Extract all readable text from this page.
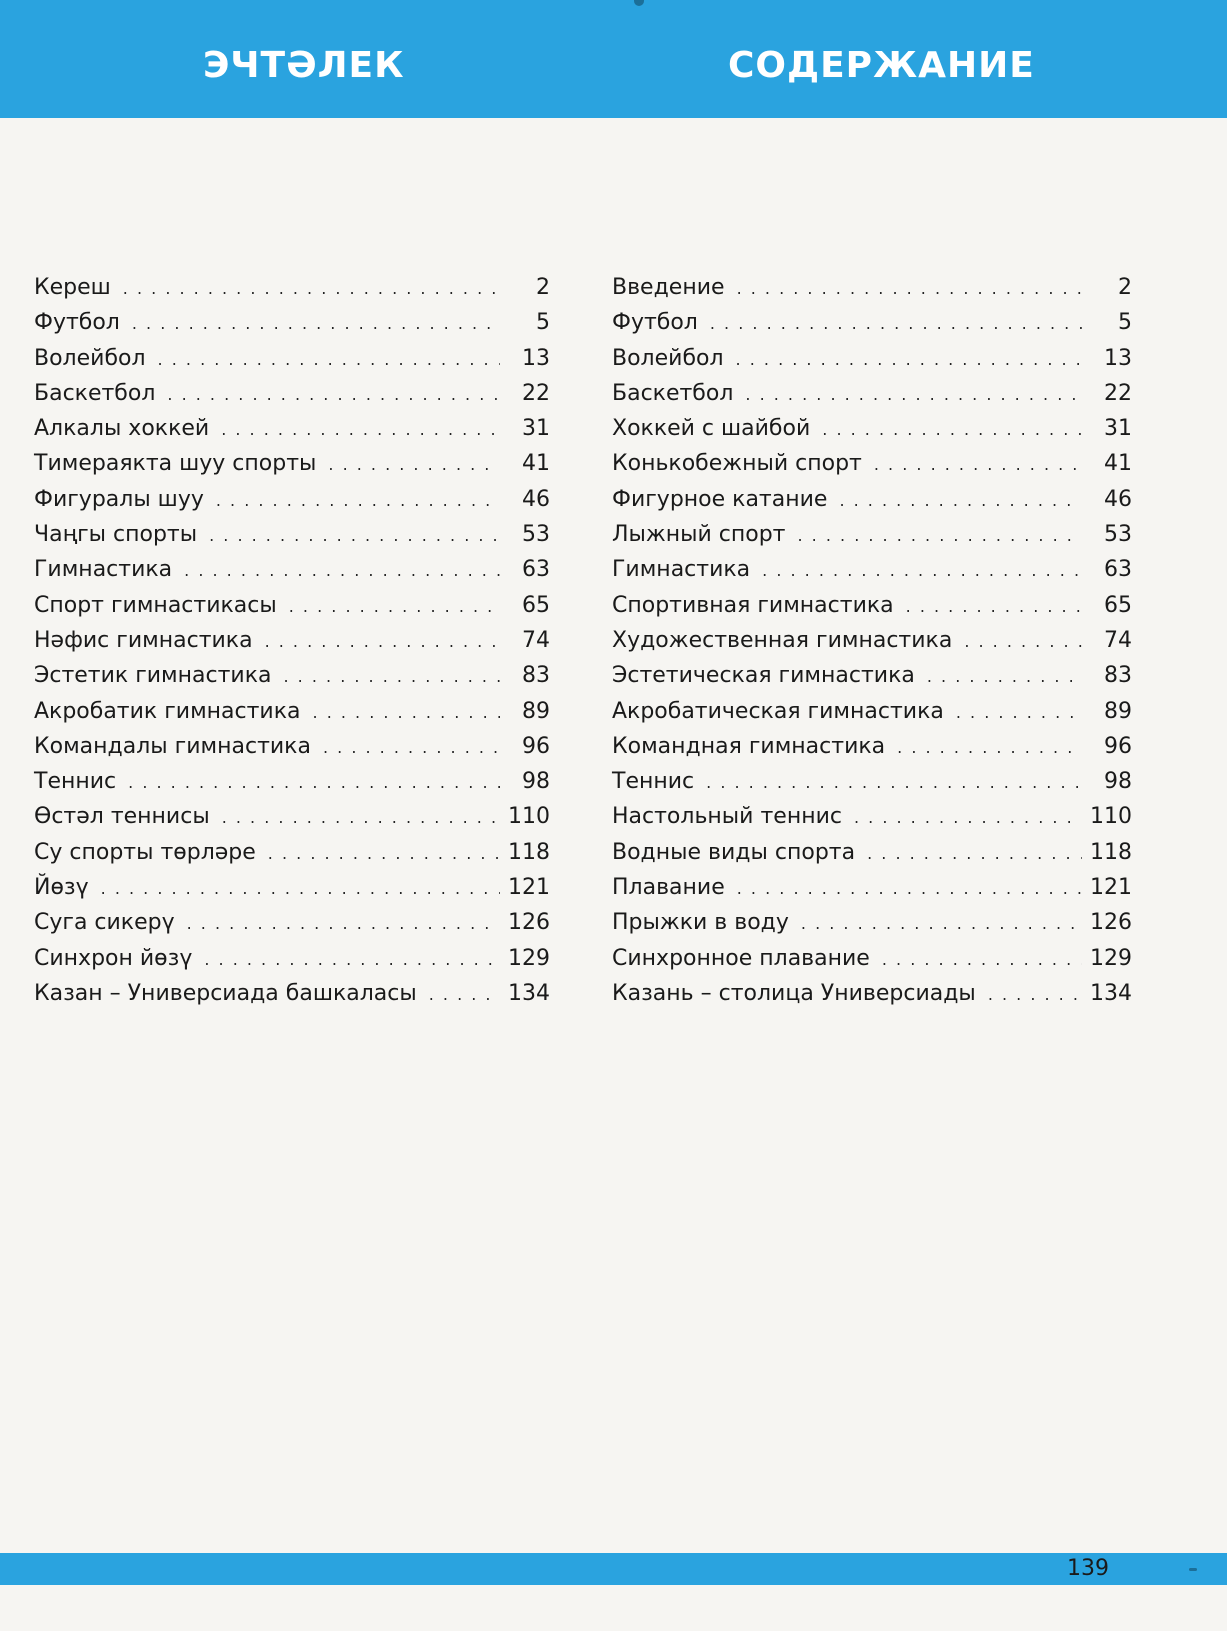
ЭЧТӘЛЕК	СОДЕРЖАНИЕ
Кереш . . .	2
Футбол . . .	5
Волейбол . . .	13
Баскетбол . . .	22
Алкалы хоккей . . .	31
Тимераякта шуу спорты . . .	41
Фигуралы шуу . . .	46
Чаңгы спорты . . .	53
Гимнастика . . .	63
Спорт гимнастикасы . . .	65
Нәфис гимнастика . . .	74
Эстетик гимнастика . . .	83
Акробатик гимнастика . . .	89
Командалы гимнастика . . .	96
Теннис . . .	98
Өстәл теннисы . . .	110
Су спорты төрләре . . .	118
Йөзү . . .	121
Суга сикерү . . .	126
Синхрон йөзү . . .	129
Казан – Универсиада башкаласы . . .	134
Введение . . .	2
Футбол . . .	5
Волейбол . . .	13
Баскетбол . . .	22
Хоккей с шайбой . . .	31
Конькобежный спорт . . .	41
Фигурное катание . . .	46
Лыжный спорт . . .	53
Гимнастика . . .	63
Спортивная гимнастика . . .	65
Художественная гимнастика . . .	74
Эстетическая гимнастика . . .	83
Акробатическая гимнастика . . .	89
Командная гимнастика . . .	96
Теннис . . .	98
Настольный теннис . . .	110
Водные виды спорта . . .	118
Плавание . . .	121
Прыжки в воду . . .	126
Синхронное плавание . . .	129
Казань – столица Универсиады . . .	134
139
